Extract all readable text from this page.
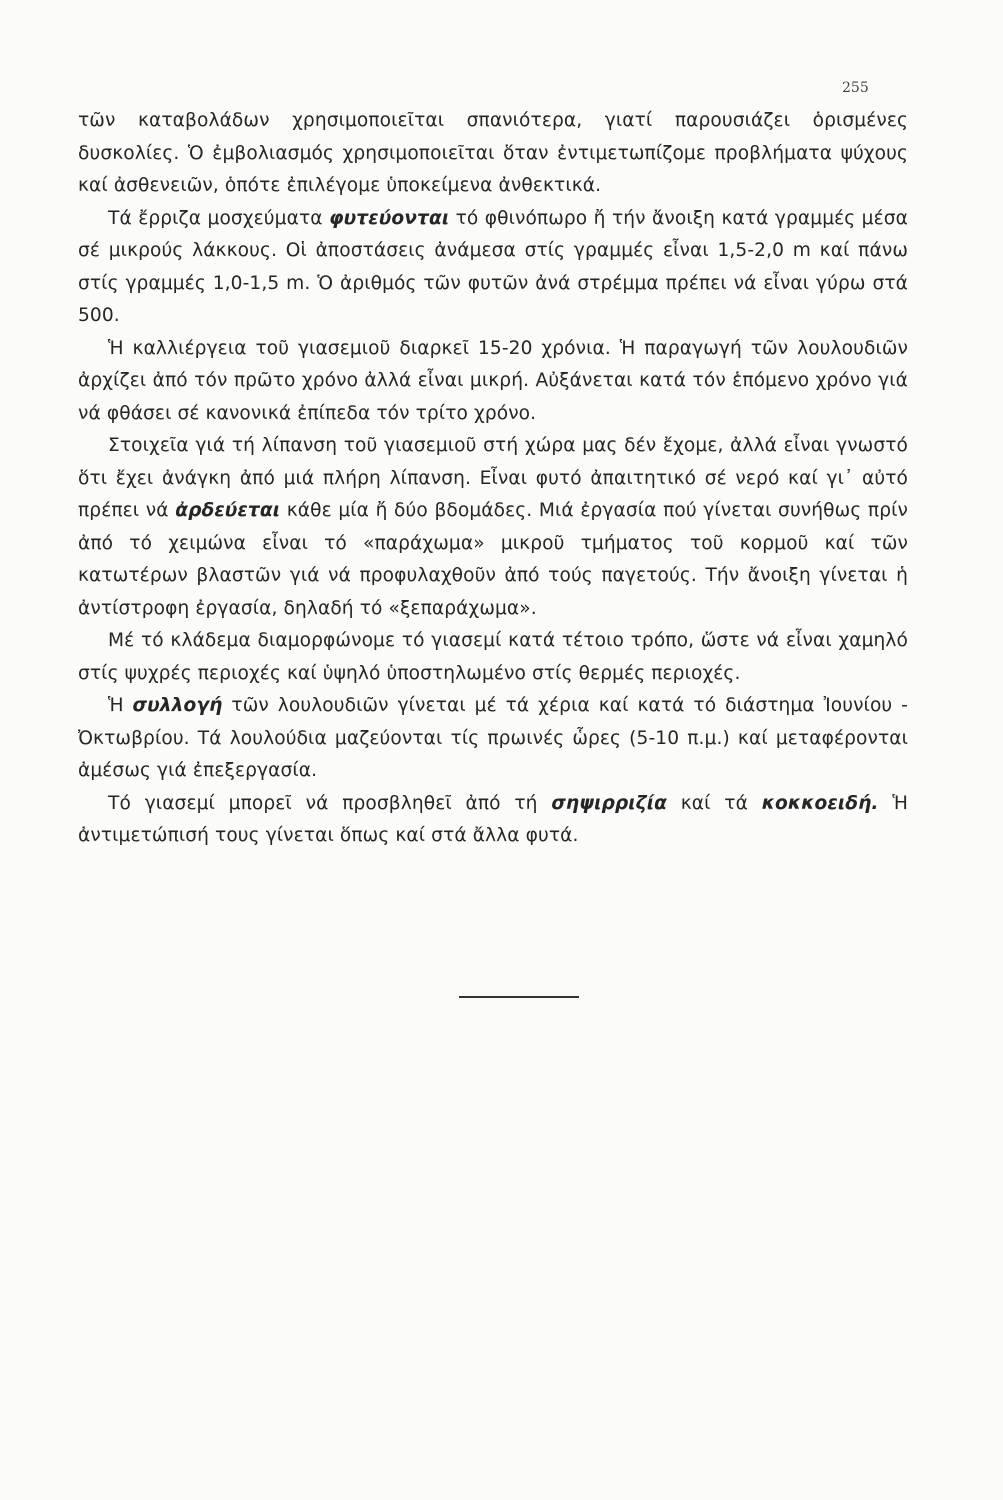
255

τῶν καταβολάδων χρησιμοποιεῖται σπανιότερα, γιατί παρουσιάζει ὁρισμένες δυσκολίες. Ὁ ἐμβολιασμός χρησιμοποιεῖται ὅταν ἐντιμετωπίζομε προβλήματα ψύχους καί ἀσθενειῶν, ὁπότε ἐπιλέγομε ὑποκείμενα ἀνθεκτικά.

Τά ἔρριζα μοσχεύματα φυτεύονται τό φθινόπωρο ἤ τήν ἄνοιξη κατά γραμμές μέσα σέ μικρούς λάκκους. Οἱ ἀποστάσεις ἀνάμεσα στίς γραμμές εἶναι 1,5-2,0 m καί πάνω στίς γραμμές 1,0-1,5 m. Ὁ ἀριθμός τῶν φυτῶν ἀνά στρέμμα πρέπει νά εἶναι γύρω στά 500.

Ἡ καλλιέργεια τοῦ γιασεμιοῦ διαρκεῖ 15-20 χρόνια. Ἡ παραγωγή τῶν λουλουδιῶν ἀρχίζει ἀπό τόν πρῶτο χρόνο ἀλλά εἶναι μικρή. Αὐξάνεται κατά τόν ἑπόμενο χρόνο γιά νά φθάσει σέ κανονικά ἐπίπεδα τόν τρίτο χρόνο.

Στοιχεῖα γιά τή λίπανση τοῦ γιασεμιοῦ στή χώρα μας δέν ἔχομε, ἀλλά εἶναι γνωστό ὅτι ἔχει ἀνάγκη ἀπό μιά πλήρη λίπανση. Εἶναι φυτό ἀπαιτητικό σέ νερό καί γι᾽ αὐτό πρέπει νά ἀρδεύεται κάθε μία ἤ δύο βδομάδες. Μιά ἐργασία πού γίνεται συνήθως πρίν ἀπό τό χειμώνα εἶναι τό «παράχωμα» μικροῦ τμήματος τοῦ κορμοῦ καί τῶν κατωτέρων βλαστῶν γιά νά προφυλαχθοῦν ἀπό τούς παγετούς. Τήν ἄνοιξη γίνεται ἡ ἀντίστροφη ἐργασία, δηλαδή τό «ξεπαράχωμα».

Μέ τό κλάδεμα διαμορφώνομε τό γιασεμί κατά τέτοιο τρόπο, ὥστε νά εἶναι χαμηλό στίς ψυχρές περιοχές καί ὑψηλό ὑποστηλωμένο στίς θερμές περιοχές.

Ἡ συλλογή τῶν λουλουδιῶν γίνεται μέ τά χέρια καί κατά τό διάστημα Ἰουνίου - Ὀκτωβρίου. Τά λουλούδια μαζεύονται τίς πρωινές ὧρες (5-10 π.μ.) καί μεταφέρονται ἀμέσως γιά ἐπεξεργασία.

Τό γιασεμί μπορεῖ νά προσβληθεῖ ἀπό τή σηψιρριζία καί τά κοκκοειδή. Ἡ ἀντιμετώπισή τους γίνεται ὅπως καί στά ἄλλα φυτά.
